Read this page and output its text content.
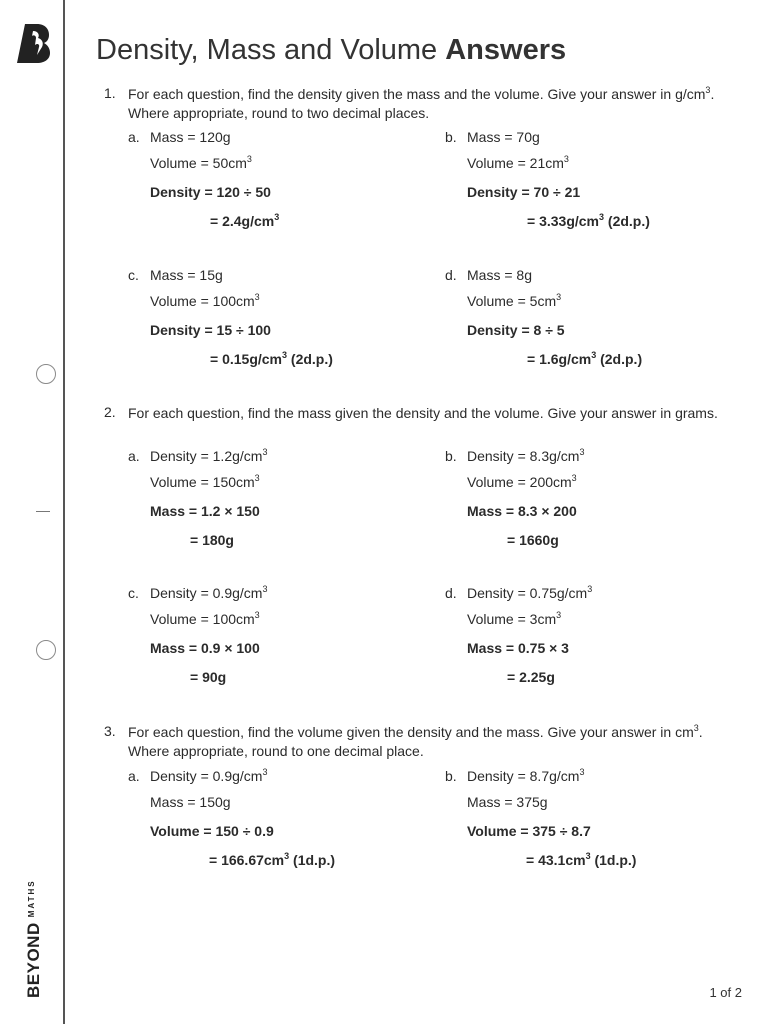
$BEYOND^{MATHS}$
Density, Mass and Volume Answers
1. For each question, find the density given the mass and the volume. Give your answer in $g/cm^3$. Where appropriate, round to two decimal places.
a. Mass = 120g
Volume = $50cm^3$
Density = 120 ÷ 50
= $2.4g/cm^3$
b. Mass = 70g
Volume = $21cm^3$
Density = 70 ÷ 21
= $3.33g/cm^3$ (2d.p.)
c. Mass = 15g
Volume = $100cm^3$
Density = 15 ÷ 100
= $0.15g/cm^3$ (2d.p.)
d. Mass = 8g
Volume = $5cm^3$
Density = 8 ÷ 5
= $1.6g/cm^3$ (2d.p.)
2. For each question, find the mass given the density and the volume. Give your answer in grams.
a. Density = $1.2g/cm^3$
Volume = $150cm^3$
Mass = 1.2 × 150
= 180g
b. Density = $8.3g/cm^3$
Volume = $200cm^3$
Mass = 8.3 × 200
= 1660g
c. Density = $0.9g/cm^3$
Volume = $100cm^3$
Mass = 0.9 × 100
= 90g
d. Density = $0.75g/cm^3$
Volume = $3cm^3$
Mass = 0.75 × 3
= 2.25g
3. For each question, find the volume given the density and the mass. Give your answer in $cm^3$. Where appropriate, round to one decimal place.
a. Density = $0.9g/cm^3$
Mass = 150g
Volume = 150 ÷ 0.9
= $166.67cm^3$ (1d.p.)
b. Density = $8.7g/cm^3$
Mass = 375g
Volume = 375 ÷ 8.7
= $43.1cm^3$ (1d.p.)
1 of 2
